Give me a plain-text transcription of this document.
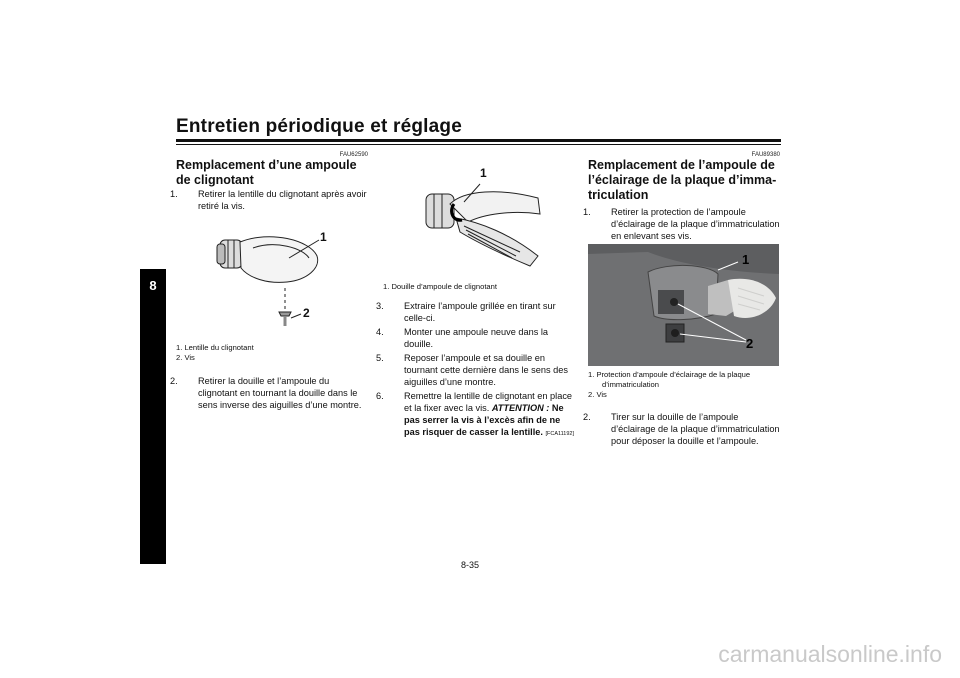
Entretien périodique et réglage
8
FAU62590
Remplacement d’une ampoule
de clignotant
1. Retirer la lentille du clignotant après avoir retiré la vis.
1
2
1. Lentille du clignotant
2. Vis
2. Retirer la douille et l’ampoule du clignotant en tournant la douille dans le sens inverse des aiguilles d’une montre.
1
1. Douille d’ampoule de clignotant
3. Extraire l’ampoule grillée en tirant sur celle-ci.
4. Monter une ampoule neuve dans la douille.
5. Reposer l’ampoule et sa douille en tournant cette dernière dans le sens des aiguilles d’une montre.
6. Remettre la lentille de clignotant en place et la fixer avec la vis. ATTENTION : Ne pas serrer la vis à l’excès afin de ne pas risquer de casser la lentille. [FCA11192]
FAU89380
Remplacement de l’ampoule de
l’éclairage de la plaque d’imma-
triculation
1. Retirer la protection de l’ampoule d’éclairage de la plaque d’immatriculation en enlevant ses vis.
1
2
1. Protection d’ampoule d’éclairage de la plaque d’immatriculation
2. Vis
2. Tirer sur la douille de l’ampoule d’éclairage de la plaque d’immatriculation pour déposer la douille et l’ampoule.
8-35
carmanualsonline.info
